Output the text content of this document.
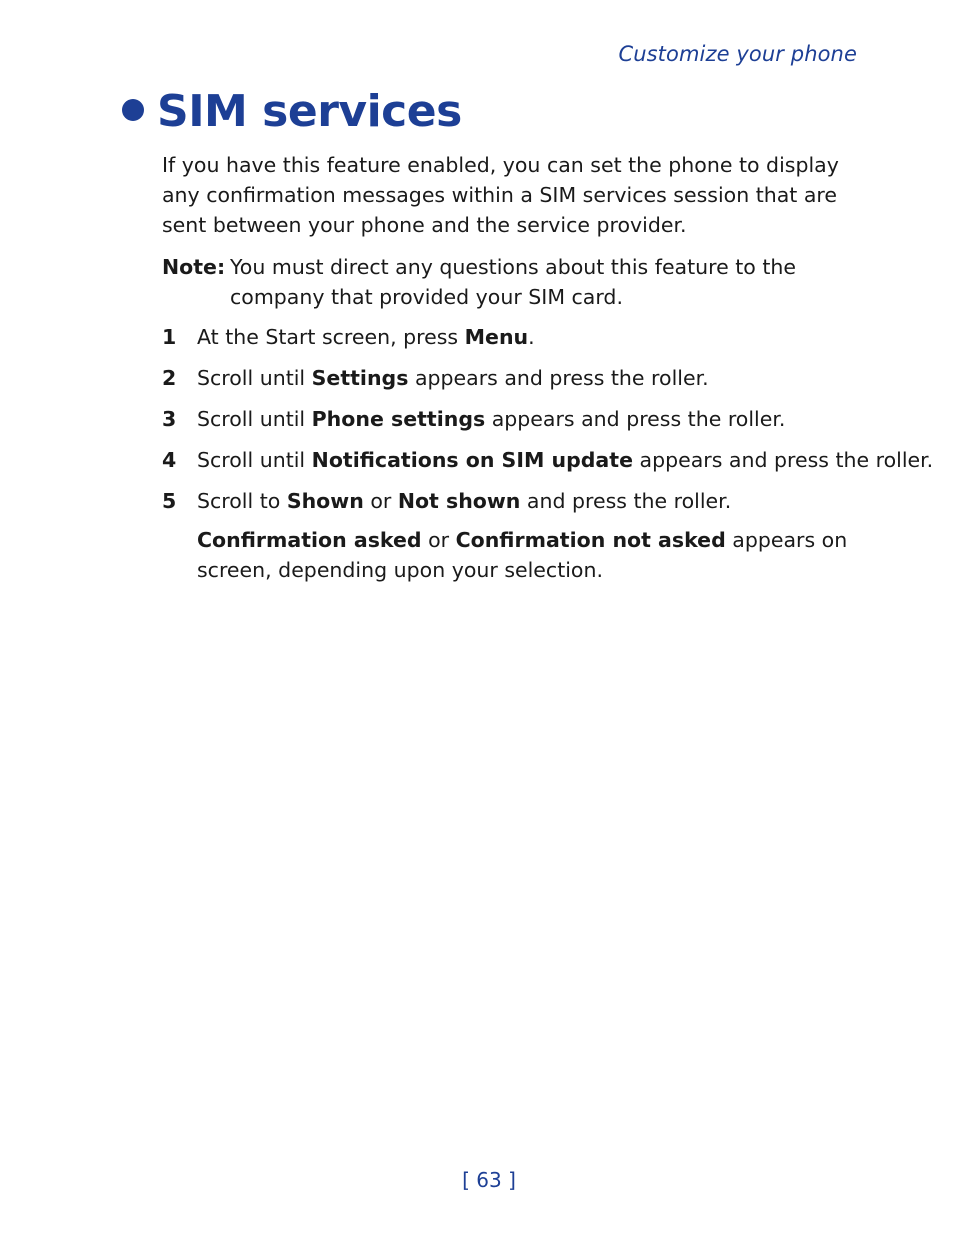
Customize your phone
SIM services

If you have this feature enabled, you can set the phone to display any confirmation messages within a SIM services session that are sent between your phone and the service provider.

Note: You must direct any questions about this feature to the company that provided your SIM card.
1	At the Start screen, press Menu.
2	Scroll until Settings appears and press the roller.
3	Scroll until Phone settings appears and press the roller.
4	Scroll until Notifications on SIM update appears and press the roller.
5	Scroll to Shown or Not shown and press the roller.

Confirmation asked or Confirmation not asked appears on screen, depending upon your selection.

[ 63 ]
